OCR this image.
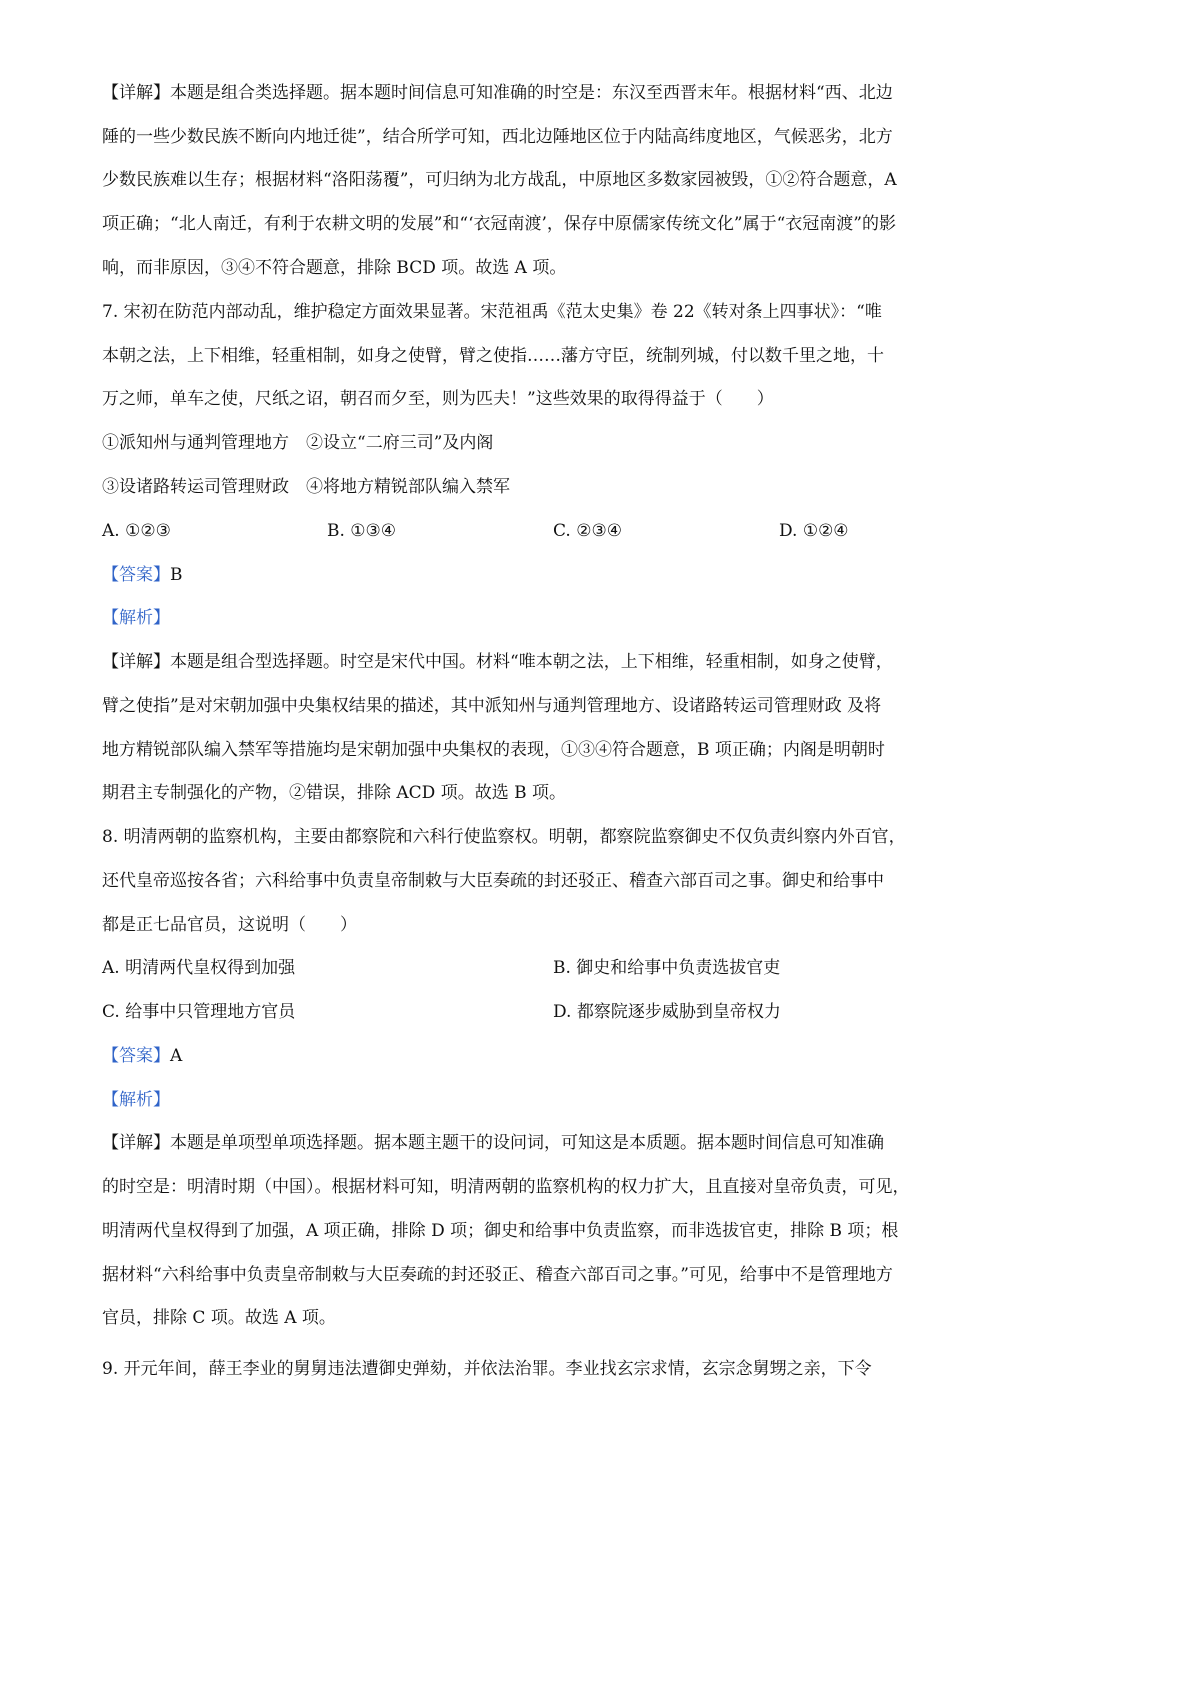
【详解】本题是组合类选择题。据本题时间信息可知准确的时空是：东汉至西晋末年。根据材料“西、北边
陲的一些少数民族不断向内地迁徙”，结合所学可知，西北边陲地区位于内陆高纬度地区，气候恶劣，北方
少数民族难以生存；根据材料“洛阳荡覆”，可归纳为北方战乱，中原地区多数家园被毁，①②符合题意，A
项正确；“北人南迁，有利于农耕文明的发展”和“‘衣冠南渡’，保存中原儒家传统文化”属于“衣冠南渡”的影
响，而非原因，③④不符合题意，排除 BCD 项。故选 A 项。
7. 宋初在防范内部动乱，维护稳定方面效果显著。宋范祖禹《范太史集》卷 22《转对条上四事状》：“唯
本朝之法，上下相维，轻重相制，如身之使臂，臂之使指……藩方守臣，统制列城，付以数千里之地，十
万之师，单车之使，尺纸之诏，朝召而夕至，则为匹夫！”这些效果的取得得益于（　　）
①派知州与通判管理地方　②设立“二府三司”及内阁
③设诸路转运司管理财政　④将地方精锐部队编入禁军
A. ①②③	B. ①③④	C. ②③④	D. ①②④
【答案】B
【解析】
【详解】本题是组合型选择题。时空是宋代中国。材料“唯本朝之法，上下相维，轻重相制，如身之使臂，
臂之使指”是对宋朝加强中央集权结果的描述，其中派知州与通判管理地方、设诸路转运司管理财政 及将
地方精锐部队编入禁军等措施均是宋朝加强中央集权的表现，①③④符合题意，B 项正确；内阁是明朝时
期君主专制强化的产物，②错误，排除 ACD 项。故选 B 项。
8. 明清两朝的监察机构，主要由都察院和六科行使监察权。明朝，都察院监察御史不仅负责纠察内外百官，
还代皇帝巡按各省；六科给事中负责皇帝制敕与大臣奏疏的封还驳正、稽查六部百司之事。御史和给事中
都是正七品官员，这说明（　　）
A. 明清两代皇权得到加强	B. 御史和给事中负责选拔官吏
C. 给事中只管理地方官员	D. 都察院逐步威胁到皇帝权力
【答案】A
【解析】
【详解】本题是单项型单项选择题。据本题主题干的设问词，可知这是本质题。据本题时间信息可知准确
的时空是：明清时期（中国）。根据材料可知，明清两朝的监察机构的权力扩大，且直接对皇帝负责，可见，
明清两代皇权得到了加强，A 项正确，排除 D 项；御史和给事中负责监察，而非选拔官吏，排除 B 项；根
据材料“六科给事中负责皇帝制敕与大臣奏疏的封还驳正、稽查六部百司之事。”可见，给事中不是管理地方
官员，排除 C 项。故选 A 项。
9. 开元年间，薛王李业的舅舅违法遭御史弹劾，并依法治罪。李业找玄宗求情，玄宗念舅甥之亲，下令
